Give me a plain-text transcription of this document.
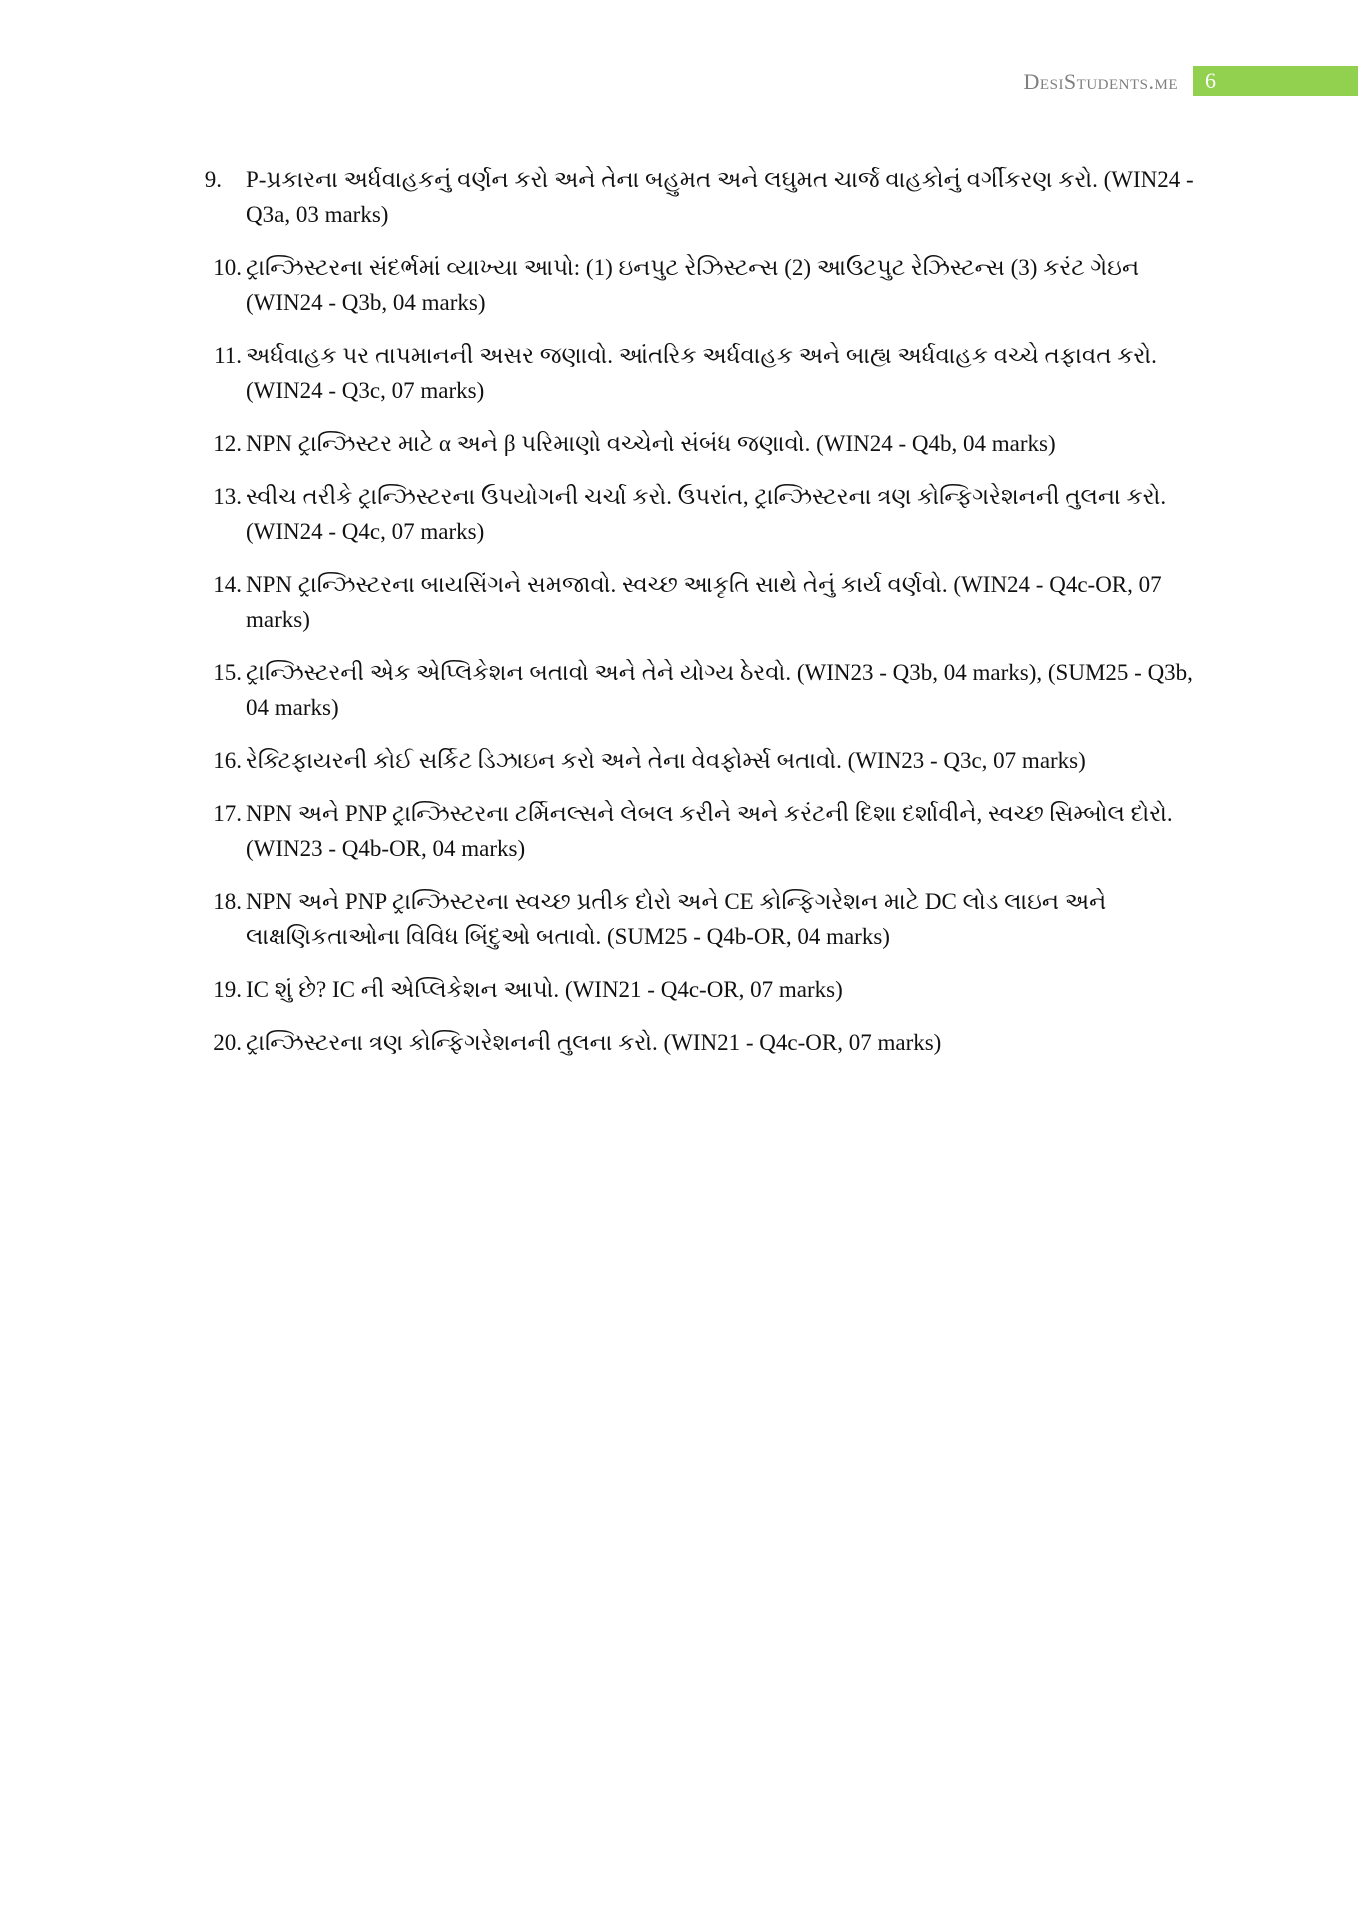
DesiStudents.me 6
9. P-પ્રકારના અર્ધવાહકનું વર્ણન કરો અને તેના બહુમત અને લઘુમત ચાર્જ વાહકોનું વર્ગીકરણ કરો. (WIN24 - Q3a, 03 marks)
10. ટ્રાન્ઝિસ્ટરના સંદર્ભમાં વ્યાખ્યા આપો: (1) ઇનપુટ રેઝિસ્ટન્સ (2) આઉટપુટ રેઝિસ્ટન્સ (3) કરંટ ગેઇન (WIN24 - Q3b, 04 marks)
11. અર્ધવાહક પર તાપમાનની અસર જણાવો. આંતરિક અર્ધવાહક અને બાહ્ય અર્ધવાહક વચ્ચે તફાવત કરો. (WIN24 - Q3c, 07 marks)
12. NPN ટ્રાન્ઝિસ્ટર માટે α અને β પરિમાણો વચ્ચેનો સંબંધ જણાવો. (WIN24 - Q4b, 04 marks)
13. સ્વીચ તરીકે ટ્રાન્ઝિસ્ટરના ઉપયોગની ચર્ચા કરો. ઉપરાંત, ટ્રાન્ઝિસ્ટરના ત્રણ કોન્ફિગરેશનની તુલના કરો. (WIN24 - Q4c, 07 marks)
14. NPN ટ્રાન્ઝિસ્ટરના બાયસિંગને સમજાવો. સ્વચ્છ આકૃતિ સાથે તેનું કાર્ય વર્ણવો. (WIN24 - Q4c-OR, 07 marks)
15. ટ્રાન્ઝિસ્ટરની એક એપ્લિકેશન બતાવો અને તેને યોગ્ય ઠેરવો. (WIN23 - Q3b, 04 marks), (SUM25 - Q3b, 04 marks)
16. રેક્ટિફાયરની કોઈ સર્કિટ ડિઝાઇન કરો અને તેના વેવફોર્મ્સ બતાવો. (WIN23 - Q3c, 07 marks)
17. NPN અને PNP ટ્રાન્ઝિસ્ટરના ટર્મિનલ્સને લેબલ કરીને અને કરંટની દિશા દર્શાવીને, સ્વચ્છ સિમ્બોલ દોરો. (WIN23 - Q4b-OR, 04 marks)
18. NPN અને PNP ટ્રાન્ઝિસ્ટરના સ્વચ્છ પ્રતીક દોરો અને CE કોન્ફિગરેશન માટે DC લોડ લાઇન અને લાક્ષણિકતાઓના વિવિધ બિંદુઓ બતાવો. (SUM25 - Q4b-OR, 04 marks)
19. IC શું છે? IC ની એપ્લિકેશન આપો. (WIN21 - Q4c-OR, 07 marks)
20. ટ્રાન્ઝિસ્ટરના ત્રણ કોન્ફિગરેશનની તુલના કરો. (WIN21 - Q4c-OR, 07 marks)
